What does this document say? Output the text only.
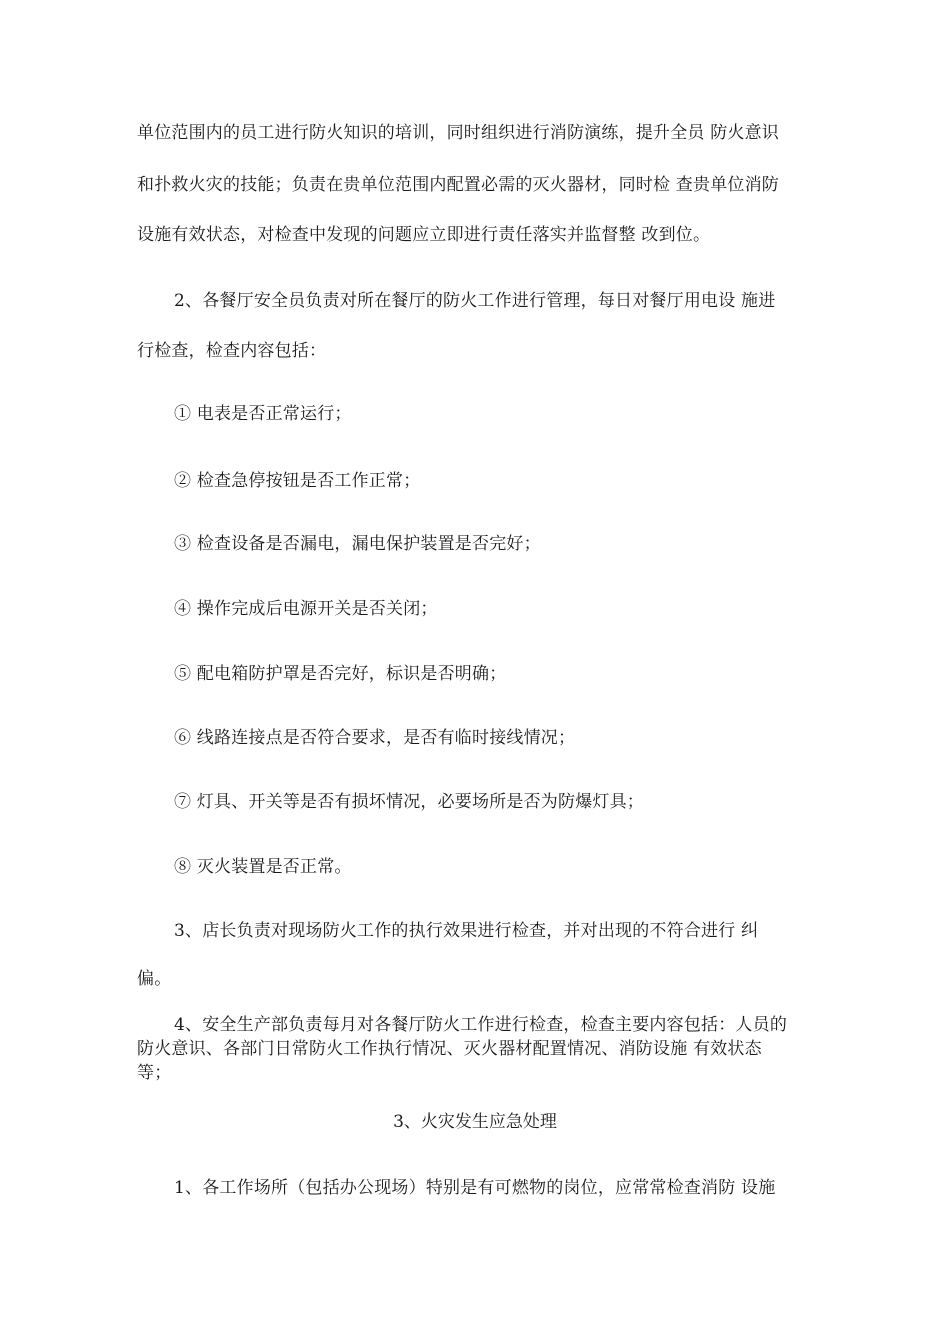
单位范围内的员工进行防火知识的培训，同时组织进行消防演练，提升全员 防火意识
和扑救火灾的技能；负责在贵单位范围内配置必需的灭火器材，同时检 查贵单位消防
设施有效状态，对检查中发现的问题应立即进行责任落实并监督整 改到位。
2、各餐厅安全员负责对所在餐厅的防火工作进行管理，每日对餐厅用电设 施进
行检查，检查内容包括：
① 电表是否正常运行；
② 检查急停按钮是否工作正常；
③ 检查设备是否漏电，漏电保护装置是否完好；
④ 操作完成后电源开关是否关闭；
⑤ 配电箱防护罩是否完好，标识是否明确；
⑥ 线路连接点是否符合要求，是否有临时接线情况；
⑦ 灯具、开关等是否有损坏情况，必要场所是否为防爆灯具；
⑧ 灭火装置是否正常。
3、店长负责对现场防火工作的执行效果进行检查，并对出现的不符合进行 纠
偏。
4、安全生产部负责每月对各餐厅防火工作进行检查，检查主要内容包括：人员的
防火意识、各部门日常防火工作执行情况、灭火器材配置情况、消防设施 有效状态
等；
3、火灾发生应急处理
1、各工作场所（包括办公现场）特别是有可燃物的岗位，应常常检查消防 设施
